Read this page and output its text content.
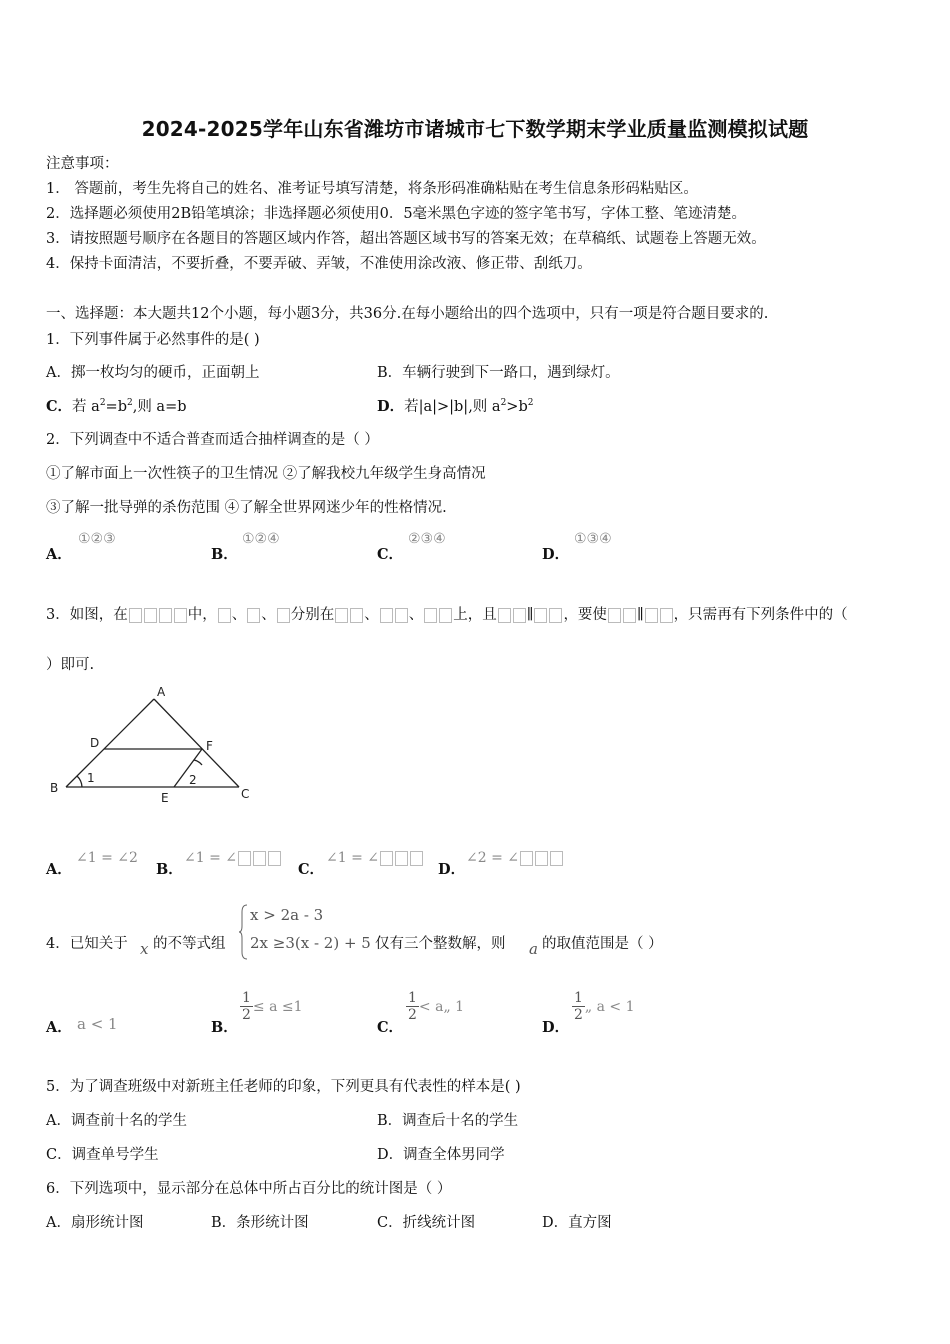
2024-2025学年山东省潍坊市诸城市七下数学期末学业质量监测模拟试题
注意事项：
1． 答题前，考生先将自己的姓名、准考证号填写清楚，将条形码准确粘贴在考生信息条形码粘贴区。
2．选择题必须使用2B铅笔填涂；非选择题必须使用0．5毫米黑色字迹的签字笔书写，字体工整、笔迹清楚。
3．请按照题号顺序在各题目的答题区域内作答，超出答题区域书写的答案无效；在草稿纸、试题卷上答题无效。
4．保持卡面清洁，不要折叠，不要弄破、弄皱，不准使用涂改液、修正带、刮纸刀。
一、选择题：本大题共12个小题，每小题3分，共36分.在每小题给出的四个选项中，只有一项是符合题目要求的.
1．下列事件属于必然事件的是( )
A．掷一枚均匀的硬币，正面朝上	B．车辆行驶到下一路口，遇到绿灯。
C．若 $a^2=b^2$,则 a=b	D．若|a|>|b|,则 $a^2>b^2$
2．下列调查中不适合普查而适合抽样调查的是（ ）
①了解市面上一次性筷子的卫生情况 ②了解我校九年级学生身高情况
③了解一批导弹的杀伤范围 ④了解全世界网迷少年的性格情况.
A．
①②③
B．
①②④
C．
②③④
D．
①③④
3．如图，在	中， 、 、 分别在 、 、 上，且 ∥ ，要使 ∥ ，只需再有下列条件中的（
）即可.
A
B	C
D
E
F
1	2
A．
∠1 = ∠2
B．
∠1 = ∠
C．
∠1 = ∠
D．
∠2 = ∠
4．已知关于 x 的不等式组
x > 2a - 3
2x ≥3(x - 2) + 5 仅有三个整数解，则 a 的取值范围是（ ）
A． a < 1	B．
$\frac{1}{2} \le a \le 1$
C．
$\frac{1}{2}$ < a„ 1
D．
$\frac{1}{2}$ „ a < 1
5．为了调查班级中对新班主任老师的印象，下列更具有代表性的样本是( )
A．调查前十名的学生	B．调查后十名的学生
C．调查单号学生	D．调查全体男同学
6．下列选项中，显示部分在总体中所占百分比的统计图是（ ）
A．扇形统计图	B．条形统计图	C．折线统计图	D．直方图
